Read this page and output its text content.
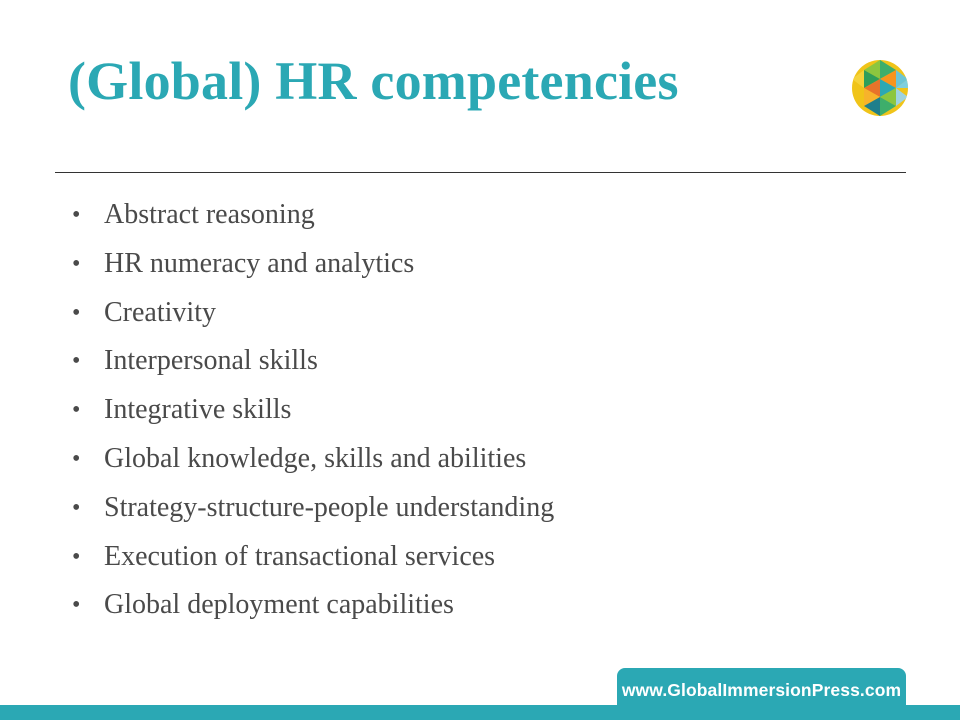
(Global) HR competencies
• Abstract reasoning
• HR numeracy and analytics
• Creativity
• Interpersonal skills
• Integrative skills
• Global knowledge, skills and abilities
• Strategy-structure-people understanding
• Execution of transactional services
• Global deployment capabilities
www.GlobalImmersionPress.com
